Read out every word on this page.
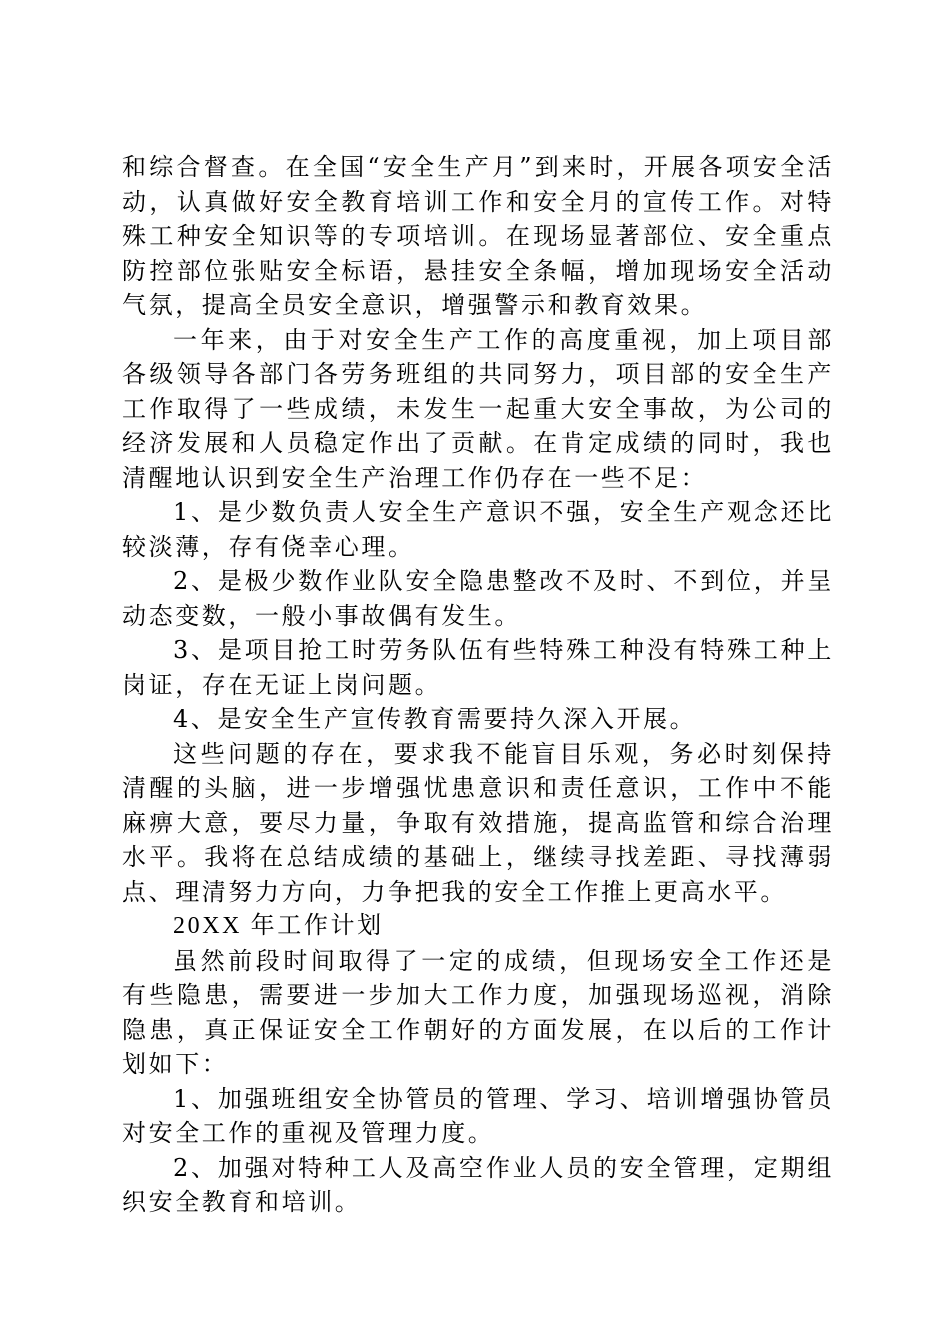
和综合督查。在全国“安全生产月”到来时，开展各项安全活动，认真做好安全教育培训工作和安全月的宣传工作。对特殊工种安全知识等的专项培训。在现场显著部位、安全重点防控部位张贴安全标语，悬挂安全条幅，增加现场安全活动气氛，提高全员安全意识，增强警示和教育效果。

一年来，由于对安全生产工作的高度重视，加上项目部各级领导各部门各劳务班组的共同努力，项目部的安全生产工作取得了一些成绩，未发生一起重大安全事故，为公司的经济发展和人员稳定作出了贡献。在肯定成绩的同时，我也清醒地认识到安全生产治理工作仍存在一些不足：

1、是少数负责人安全生产意识不强，安全生产观念还比较淡薄，存有侥幸心理。

2、是极少数作业队安全隐患整改不及时、不到位，并呈动态变数，一般小事故偶有发生。

3、是项目抢工时劳务队伍有些特殊工种没有特殊工种上岗证，存在无证上岗问题。

4、是安全生产宣传教育需要持久深入开展。

这些问题的存在，要求我不能盲目乐观，务必时刻保持清醒的头脑，进一步增强忧患意识和责任意识，工作中不能麻痹大意，要尽力量，争取有效措施，提高监管和综合治理水平。我将在总结成绩的基础上，继续寻找差距、寻找薄弱点、理清努力方向，力争把我的安全工作推上更高水平。

20XX 年工作计划

虽然前段时间取得了一定的成绩，但现场安全工作还是有些隐患，需要进一步加大工作力度，加强现场巡视，消除隐患，真正保证安全工作朝好的方面发展，在以后的工作计划如下：

1、加强班组安全协管员的管理、学习、培训增强协管员对安全工作的重视及管理力度。

2、加强对特种工人及高空作业人员的安全管理，定期组织安全教育和培训。
